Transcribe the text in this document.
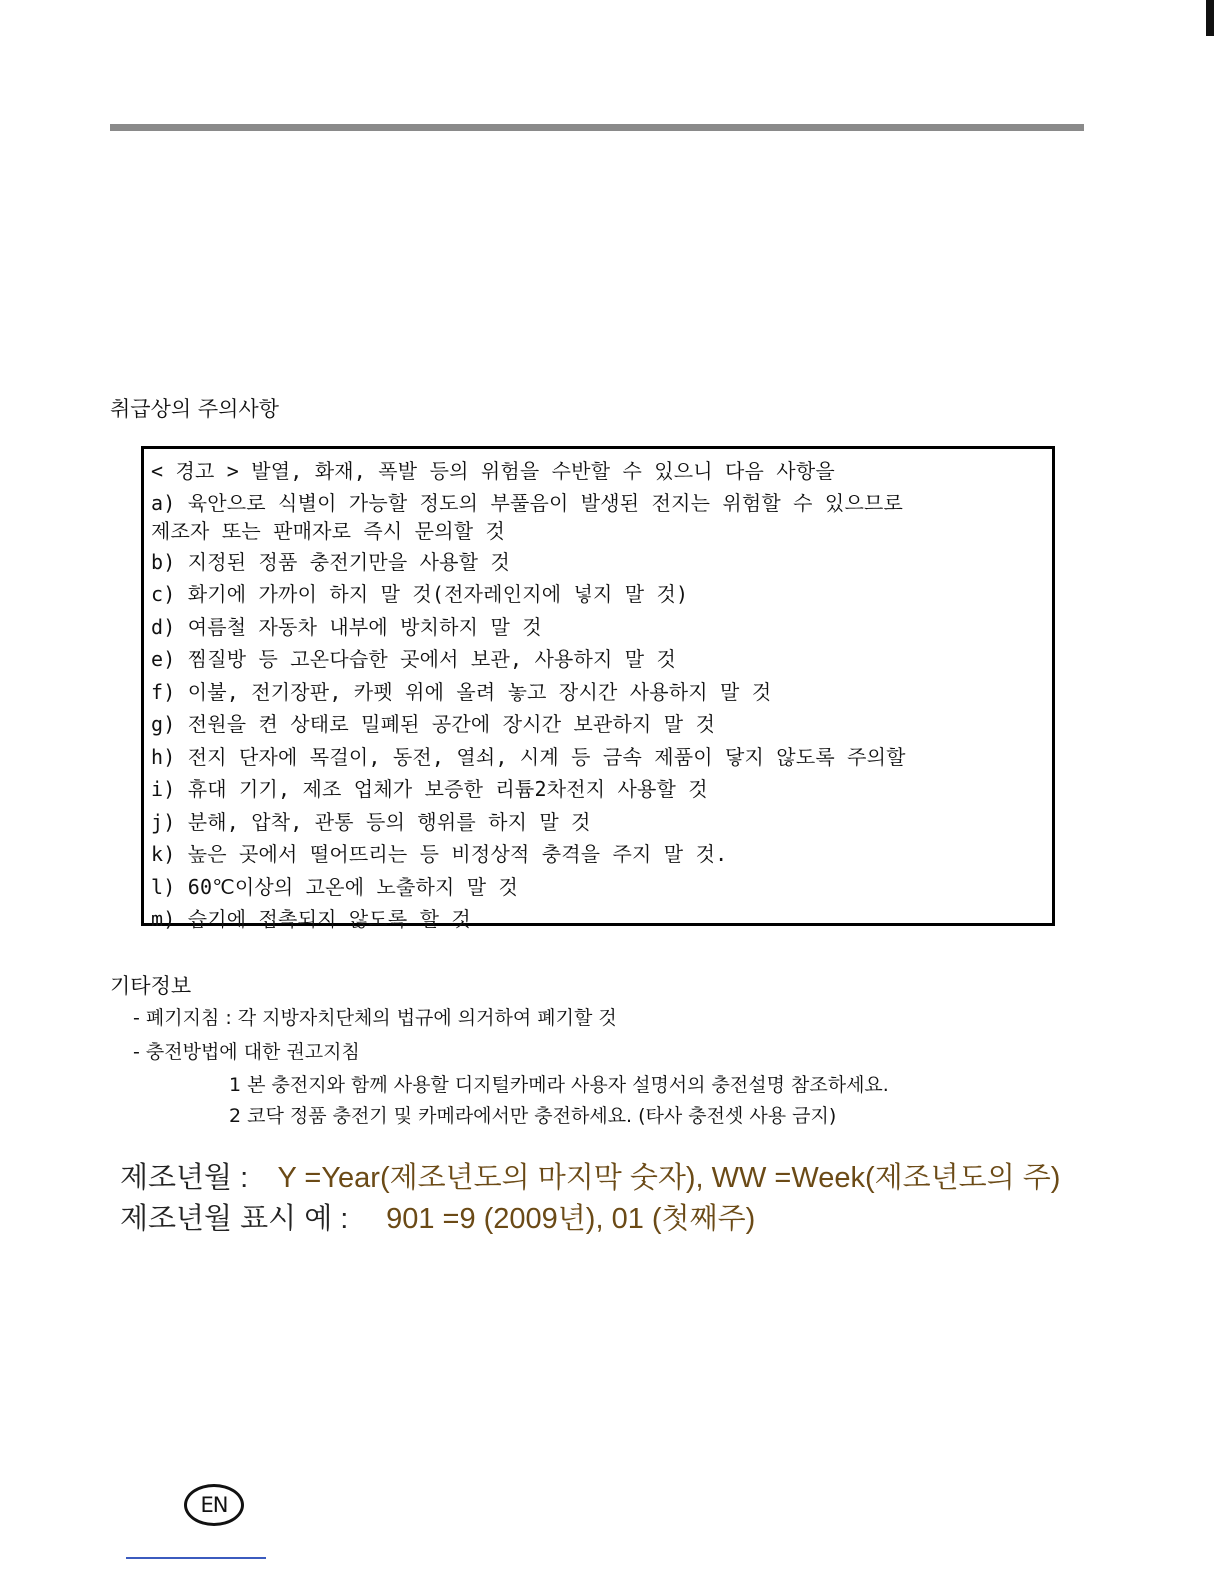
취급상의 주의사항
< 경고 > 발열, 화재, 폭발 등의 위험을 수반할 수 있으니 다음 사항을
a) 육안으로 식별이 가능할 정도의 부풀음이 발생된 전지는 위험할 수 있으므로
제조자 또는 판매자로 즉시 문의할 것
b) 지정된 정품 충전기만을 사용할 것
c) 화기에 가까이 하지 말 것(전자레인지에 넣지 말 것)
d) 여름철 자동차 내부에 방치하지 말 것
e) 찜질방 등 고온다습한 곳에서 보관, 사용하지 말 것
f) 이불, 전기장판, 카펫 위에 올려 놓고 장시간 사용하지 말 것
g) 전원을 켠 상태로 밀폐된 공간에 장시간 보관하지 말 것
h) 전지 단자에 목걸이, 동전, 열쇠, 시계 등 금속 제품이 닿지 않도록 주의할
i) 휴대 기기, 제조 업체가 보증한 리튬2차전지 사용할 것
j) 분해, 압착, 관통 등의 행위를 하지 말 것
k) 높은 곳에서 떨어뜨리는 등 비정상적 충격을 주지 말 것.
l) 60℃이상의 고온에 노출하지 말 것
m) 습기에 접촉되지 않도록 할 것
기타정보
- 폐기지침 : 각 지방자치단체의 법규에 의거하여 폐기할 것
- 충전방법에 대한 권고지침
1 본 충전지와 함께 사용할 디지털카메라 사용자 설명서의 충전설명 참조하세요.
2 코닥 정품 충전기 및 카메라에서만 충전하세요. (타사 충전셋 사용 금지)
제조년월 : Y =Year(제조년도의 마지막 숫자), WW =Week(제조년도의 주)
제조년월 표시 예 : 901 =9 (2009년), 01 (첫째주)
EN
